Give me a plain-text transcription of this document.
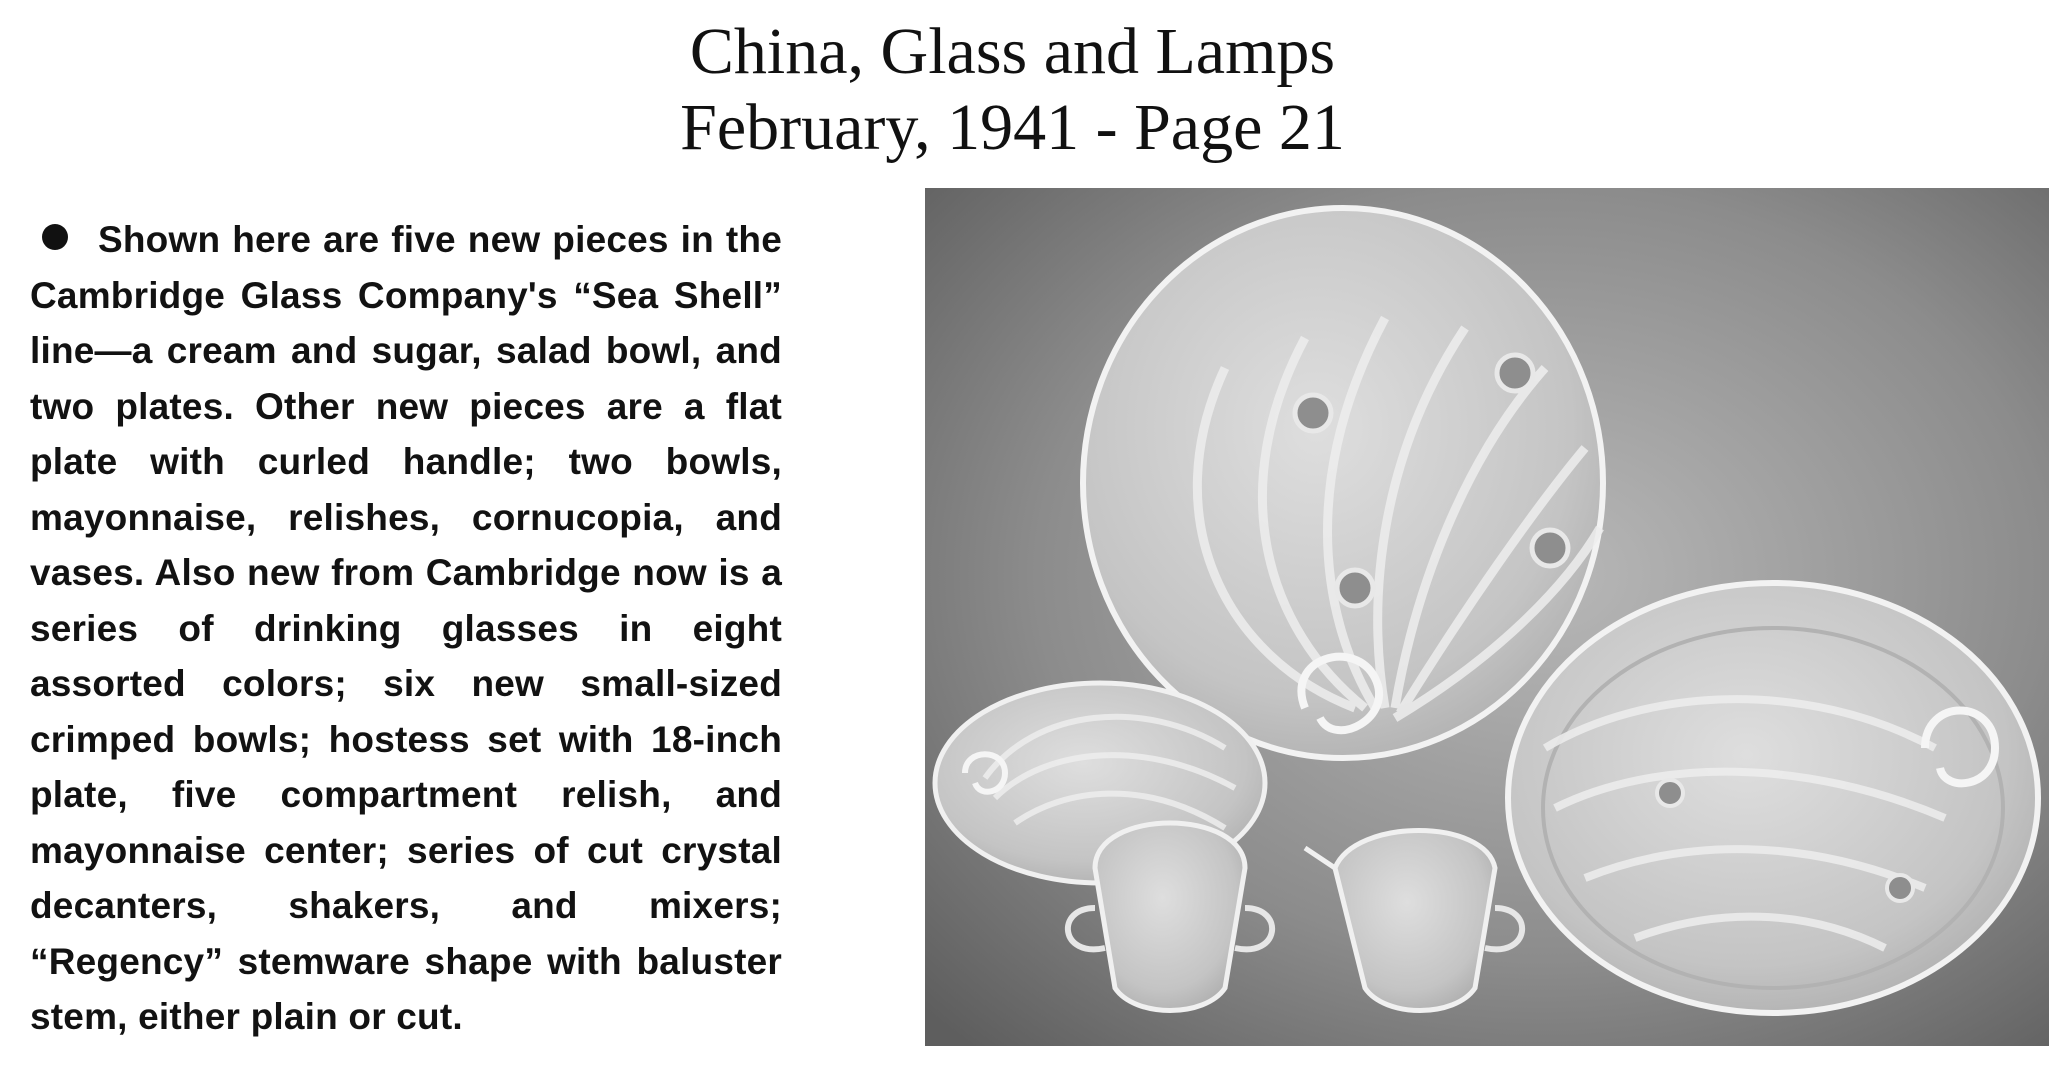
China, Glass and Lamps
February, 1941 - Page 21
Shown here are five new pieces in the Cambridge Glass Company's “Sea Shell” line—a cream and sugar, salad bowl, and two plates. Other new pieces are a flat plate with curled handle; two bowls, mayonnaise, relishes, cornucopia, and vases. Also new from Cambridge now is a series of drinking glasses in eight assorted colors; six new small-sized crimped bowls; hostess set with 18-inch plate, five compartment relish, and mayonnaise center; series of cut crystal decanters, shakers, and mixers; “Regency” stemware shape with baluster stem, either plain or cut.
